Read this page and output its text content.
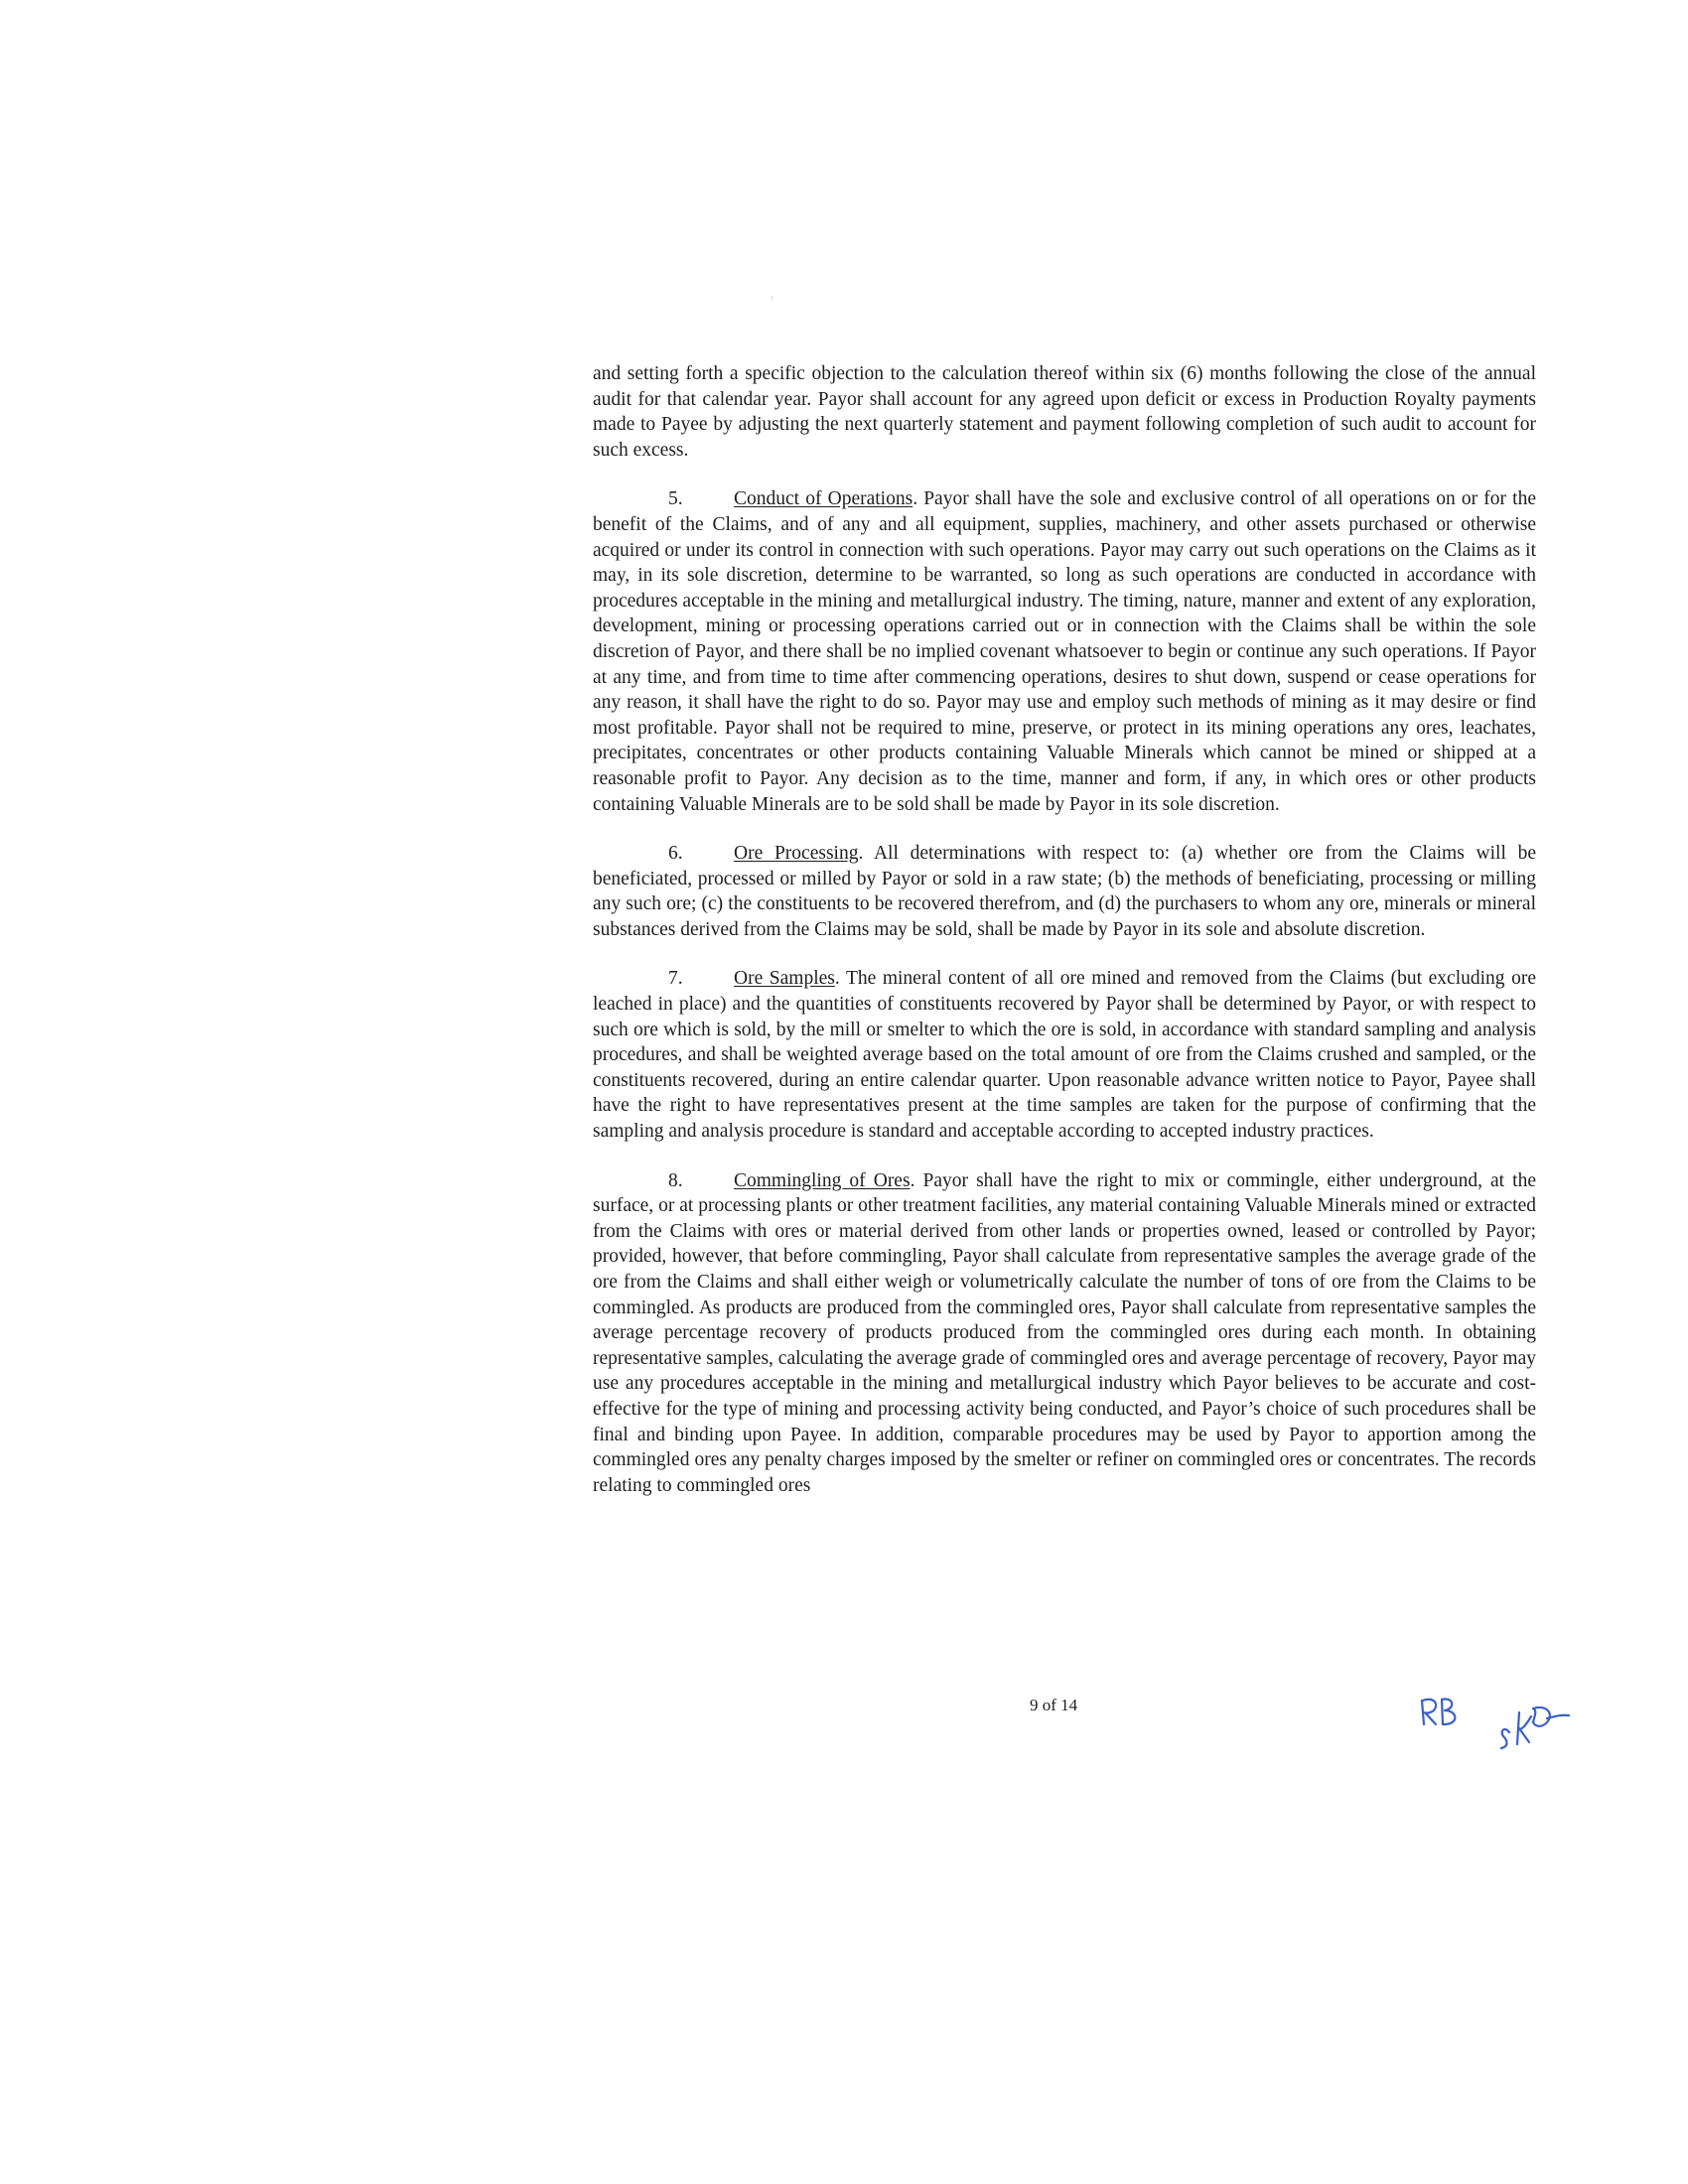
and setting forth a specific objection to the calculation thereof within six (6) months following the close of the annual audit for that calendar year. Payor shall account for any agreed upon deficit or excess in Production Royalty payments made to Payee by adjusting the next quarterly statement and payment following completion of such audit to account for such excess.

5.	Conduct of Operations. Payor shall have the sole and exclusive control of all operations on or for the benefit of the Claims, and of any and all equipment, supplies, machinery, and other assets purchased or otherwise acquired or under its control in connection with such operations. Payor may carry out such operations on the Claims as it may, in its sole discretion, determine to be warranted, so long as such operations are conducted in accordance with procedures acceptable in the mining and metallurgical industry. The timing, nature, manner and extent of any exploration, development, mining or processing operations carried out or in connection with the Claims shall be within the sole discretion of Payor, and there shall be no implied covenant whatsoever to begin or continue any such operations. If Payor at any time, and from time to time after commencing operations, desires to shut down, suspend or cease operations for any reason, it shall have the right to do so. Payor may use and employ such methods of mining as it may desire or find most profitable. Payor shall not be required to mine, preserve, or protect in its mining operations any ores, leachates, precipitates, concentrates or other products containing Valuable Minerals which cannot be mined or shipped at a reasonable profit to Payor. Any decision as to the time, manner and form, if any, in which ores or other products containing Valuable Minerals are to be sold shall be made by Payor in its sole discretion.

6.	Ore Processing. All determinations with respect to: (a) whether ore from the Claims will be beneficiated, processed or milled by Payor or sold in a raw state; (b) the methods of beneficiating, processing or milling any such ore; (c) the constituents to be recovered therefrom, and (d) the purchasers to whom any ore, minerals or mineral substances derived from the Claims may be sold, shall be made by Payor in its sole and absolute discretion.

7.	Ore Samples. The mineral content of all ore mined and removed from the Claims (but excluding ore leached in place) and the quantities of constituents recovered by Payor shall be determined by Payor, or with respect to such ore which is sold, by the mill or smelter to which the ore is sold, in accordance with standard sampling and analysis procedures, and shall be weighted average based on the total amount of ore from the Claims crushed and sampled, or the constituents recovered, during an entire calendar quarter. Upon reasonable advance written notice to Payor, Payee shall have the right to have representatives present at the time samples are taken for the purpose of confirming that the sampling and analysis procedure is standard and acceptable according to accepted industry practices.

8.	Commingling of Ores. Payor shall have the right to mix or commingle, either underground, at the surface, or at processing plants or other treatment facilities, any material containing Valuable Minerals mined or extracted from the Claims with ores or material derived from other lands or properties owned, leased or controlled by Payor; provided, however, that before commingling, Payor shall calculate from representative samples the average grade of the ore from the Claims and shall either weigh or volumetrically calculate the number of tons of ore from the Claims to be commingled. As products are produced from the commingled ores, Payor shall calculate from representative samples the average percentage recovery of products produced from the commingled ores during each month. In obtaining representative samples, calculating the average grade of commingled ores and average percentage of recovery, Payor may use any procedures acceptable in the mining and metallurgical industry which Payor believes to be accurate and cost-effective for the type of mining and processing activity being conducted, and Payor’s choice of such procedures shall be final and binding upon Payee. In addition, comparable procedures may be used by Payor to apportion among the commingled ores any penalty charges imposed by the smelter or refiner on commingled ores or concentrates. The records relating to commingled ores

9 of 14
